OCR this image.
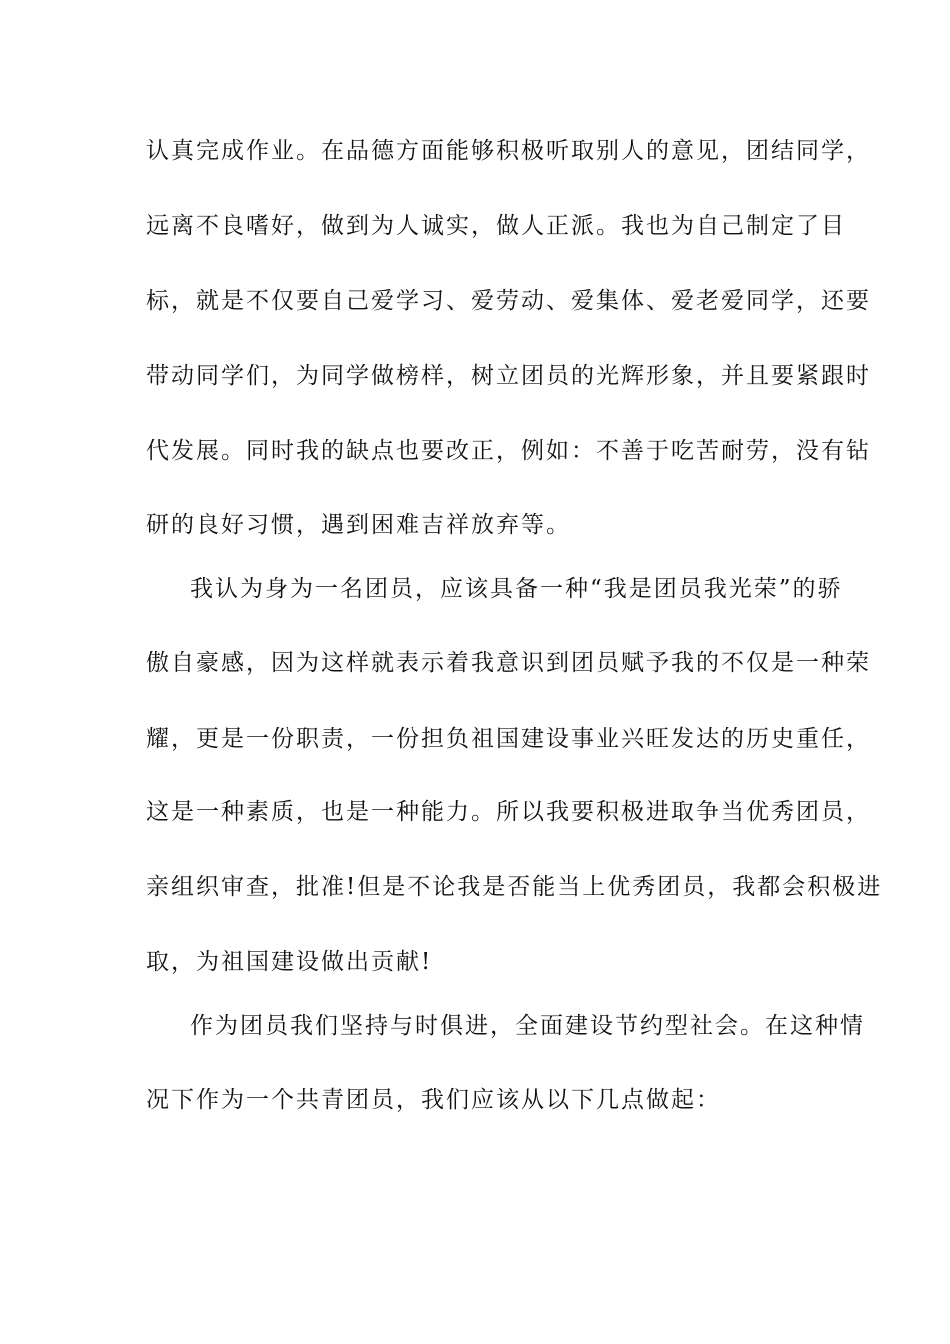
认真完成作业。在品德方面能够积极听取别人的意见，团结同学，
远离不良嗜好，做到为人诚实，做人正派。我也为自己制定了目
标，就是不仅要自己爱学习、爱劳动、爱集体、爱老爱同学，还要
带动同学们，为同学做榜样，树立团员的光辉形象，并且要紧跟时
代发展。同时我的缺点也要改正，例如：不善于吃苦耐劳，没有钻
研的良好习惯，遇到困难吉祥放弃等。
我认为身为一名团员，应该具备一种“我是团员我光荣”的骄
傲自豪感，因为这样就表示着我意识到团员赋予我的不仅是一种荣
耀，更是一份职责，一份担负祖国建设事业兴旺发达的历史重任，
这是一种素质，也是一种能力。所以我要积极进取争当优秀团员，
亲组织审查，批准!但是不论我是否能当上优秀团员，我都会积极进
取，为祖国建设做出贡献!
作为团员我们坚持与时俱进，全面建设节约型社会。在这种情
况下作为一个共青团员，我们应该从以下几点做起：
